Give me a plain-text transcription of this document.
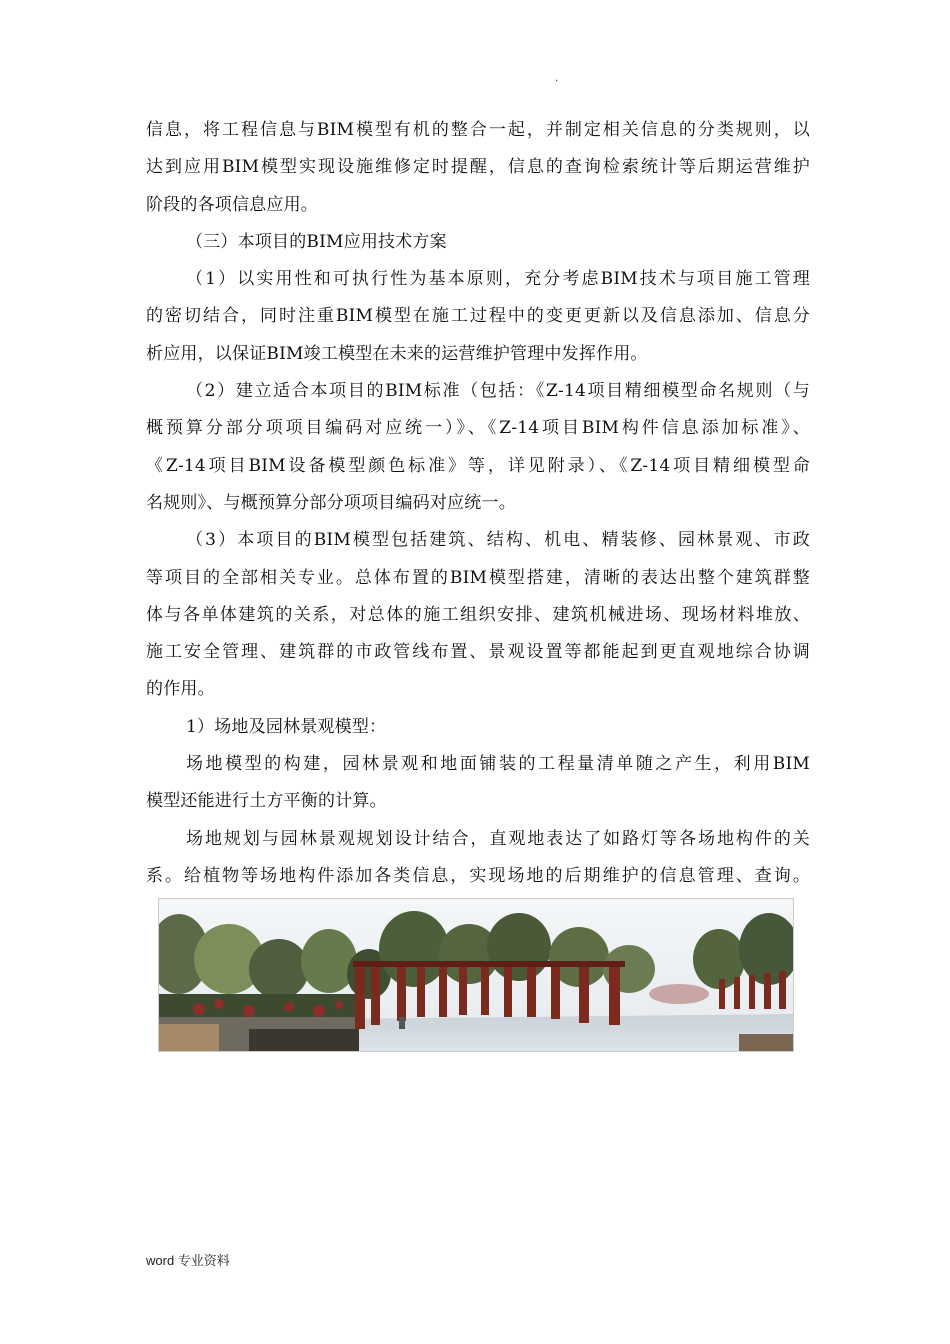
.
信息，将工程信息与BIM模型有机的整合一起，并制定相关信息的分类规则，以
达到应用BIM模型实现设施维修定时提醒，信息的查询检索统计等后期运营维护
阶段的各项信息应用。
（三）本项目的BIM应用技术方案
（1）以实用性和可执行性为基本原则，充分考虑BIM技术与项目施工管理
的密切结合，同时注重BIM模型在施工过程中的变更更新以及信息添加、信息分
析应用，以保证BIM竣工模型在未来的运营维护管理中发挥作用。
（2）建立适合本项目的BIM标准（包括：《Z-14项目精细模型命名规则（与
概预算分部分项项目编码对应统一）》、《Z-14项目BIM构件信息添加标准》、
《Z-14项目BIM设备模型颜色标准》等，详见附录）、《Z-14项目精细模型命
名规则》、与概预算分部分项项目编码对应统一。
（3）本项目的BIM模型包括建筑、结构、机电、精装修、园林景观、市政
等项目的全部相关专业。总体布置的BIM模型搭建，清晰的表达出整个建筑群整
体与各单体建筑的关系，对总体的施工组织安排、建筑机械进场、现场材料堆放、
施工安全管理、建筑群的市政管线布置、景观设置等都能起到更直观地综合协调
的作用。
1）场地及园林景观模型：
场地模型的构建，园林景观和地面铺装的工程量清单随之产生，利用BIM
模型还能进行土方平衡的计算。
场地规划与园林景观规划设计结合，直观地表达了如路灯等各场地构件的关
系。给植物等场地构件添加各类信息，实现场地的后期维护的信息管理、查询。
word 专业资料
